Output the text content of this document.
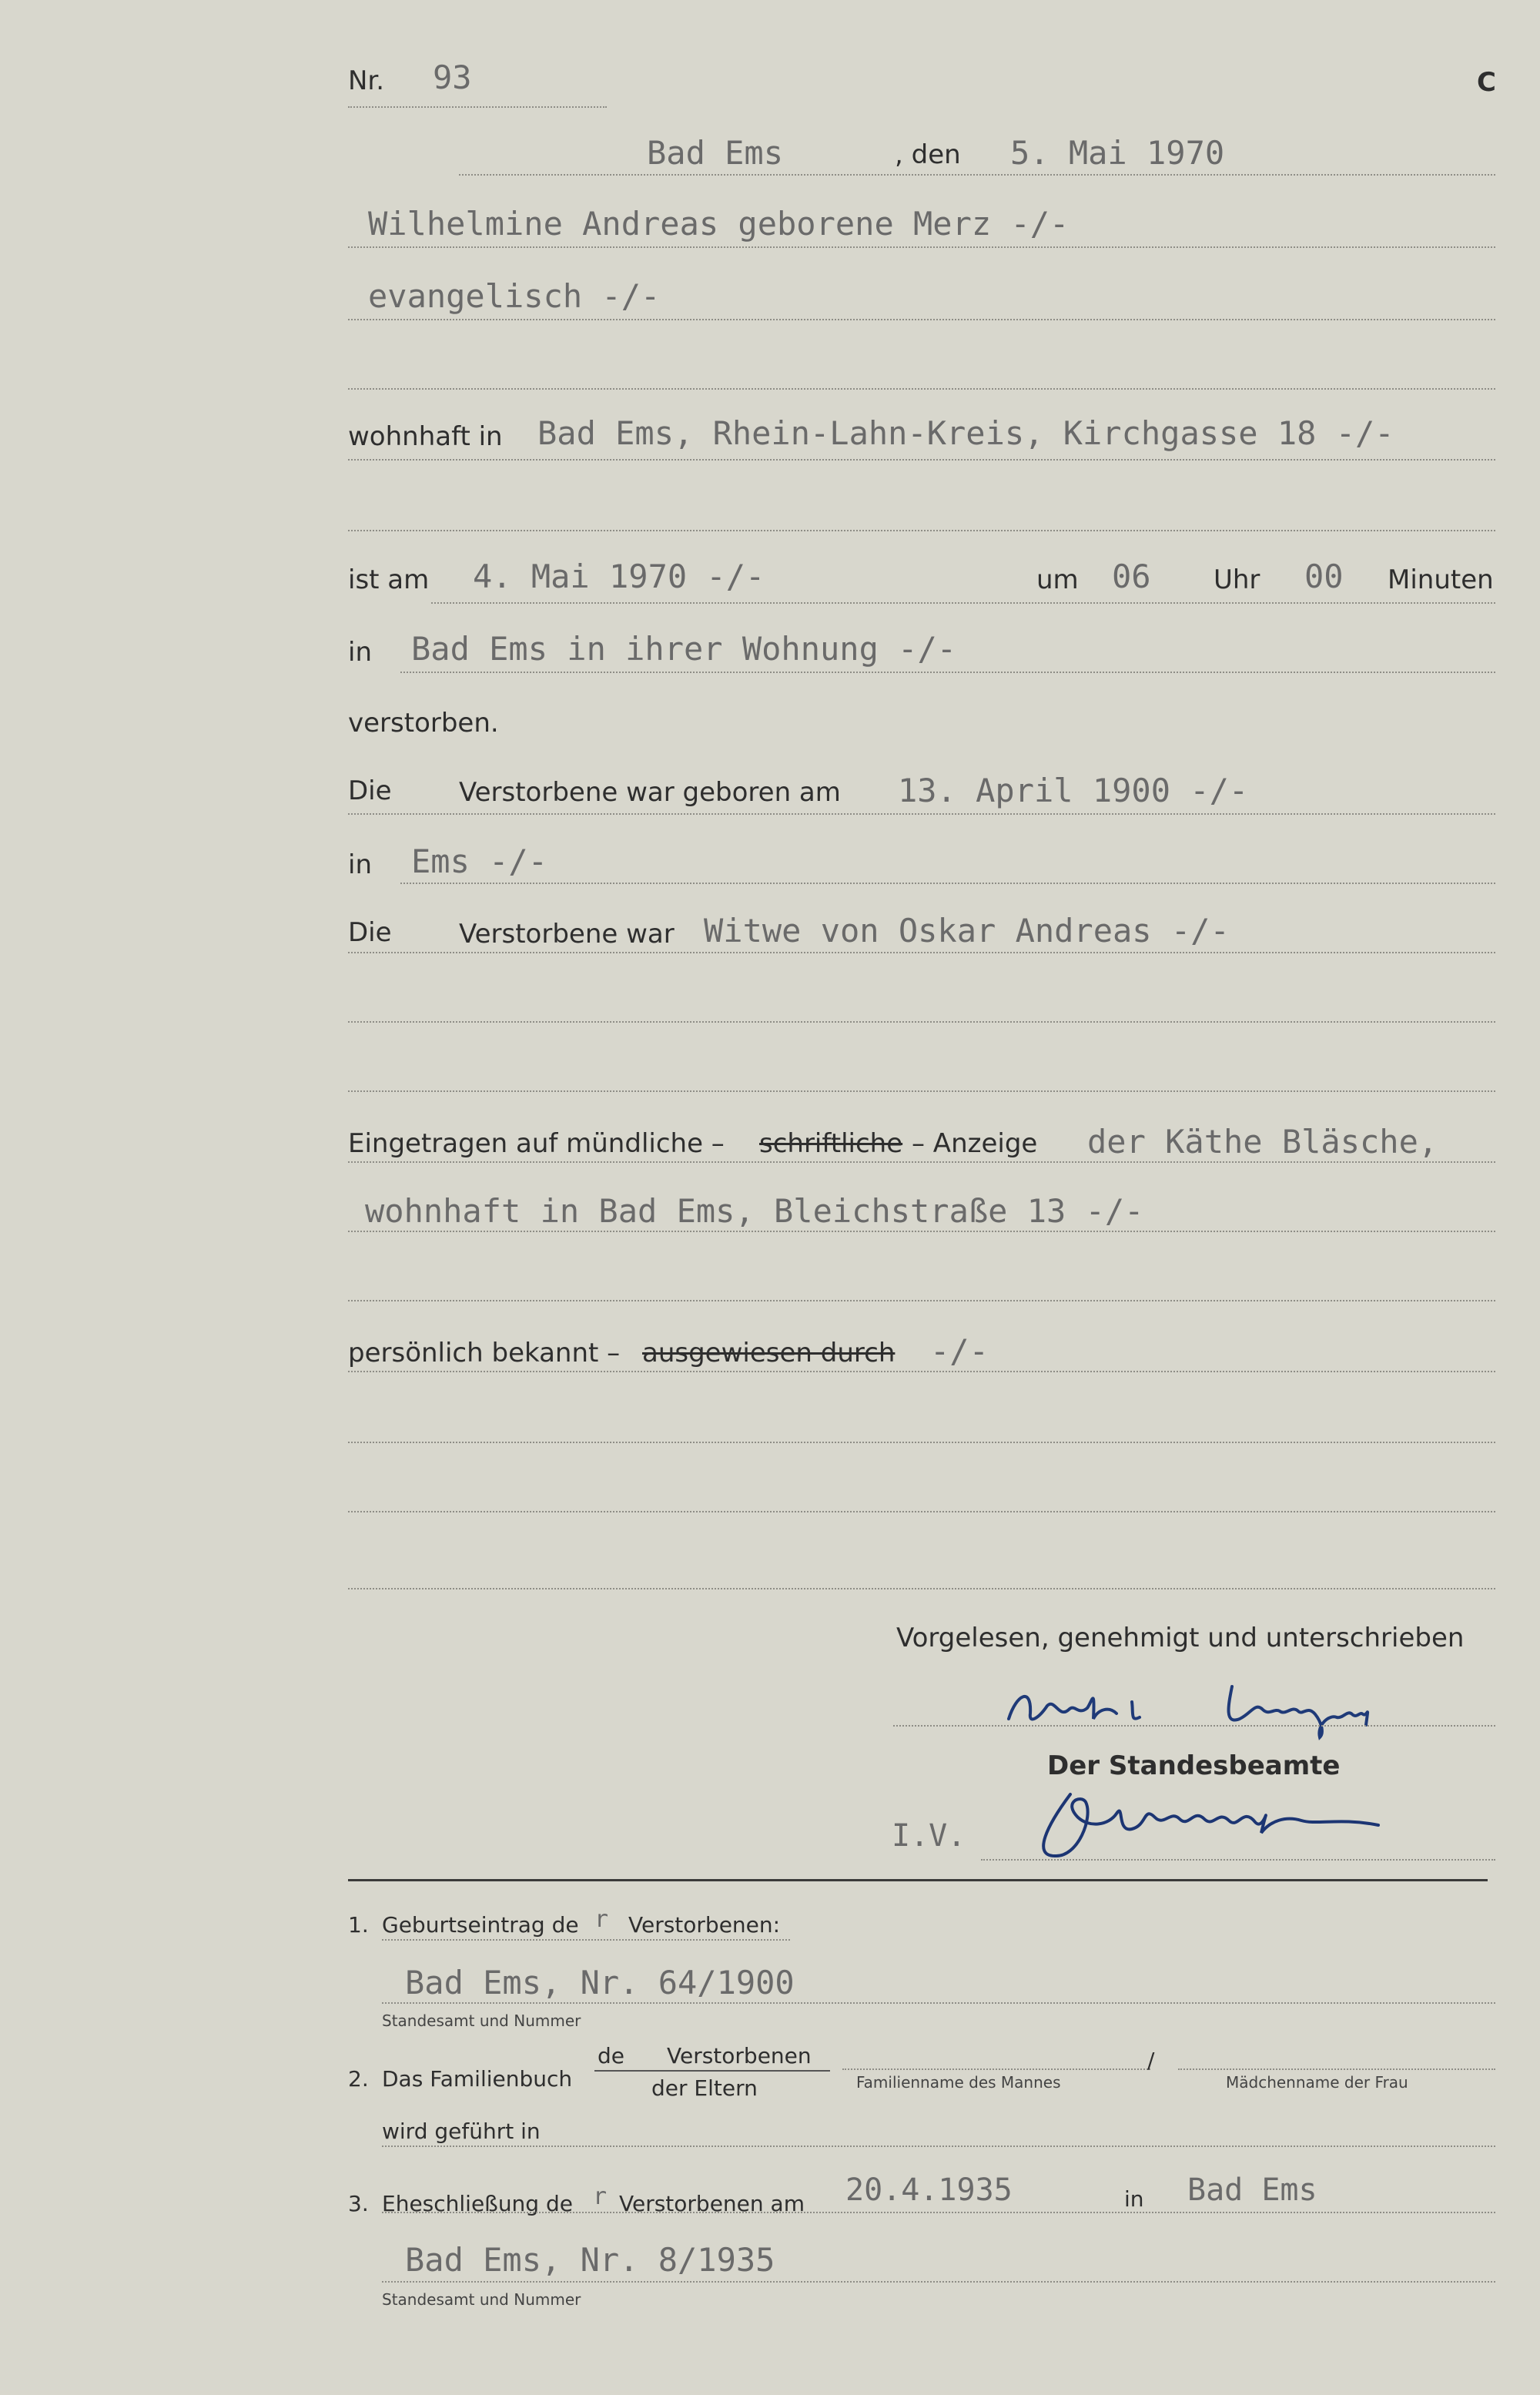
Nr. 93	C
Bad Ems	, den 5. Mai 1970
Wilhelmine Andreas geborene Merz -/-
evangelisch -/-
wohnhaft in Bad Ems, Rhein-Lahn-Kreis, Kirchgasse 18 -/-
ist am 4. Mai 1970 -/-	um 06 Uhr 00 Minuten
in Bad Ems in ihrer Wohnung -/-
verstorben.
Die	Verstorbene war geboren am 13. April 1900 -/-
in Ems -/-
Die	Verstorbene war Witwe von Oskar Andreas -/-
Eingetragen auf mündliche – schriftliche – Anzeige der Käthe Bläsche,
wohnhaft in Bad Ems, Bleichstraße 13 -/-
persönlich bekannt – ausgewiesen durch -/-
Vorgelesen, genehmigt und unterschrieben
Käthe Bläsche
Der Standesbeamte
I.V.
Gemmel
1. Geburtseintrag de r Verstorbenen:
Bad Ems, Nr. 64/1900
Standesamt und Nummer
2. Das Familienbuch
de Verstorbenen
der Eltern	Familienname des Mannes
/
Mädchenname der Frau
wird geführt in
3. Eheschließung de r Verstorbenen am 20.4.1935	in Bad Ems
Bad Ems, Nr. 8/1935
Standesamt und Nummer
